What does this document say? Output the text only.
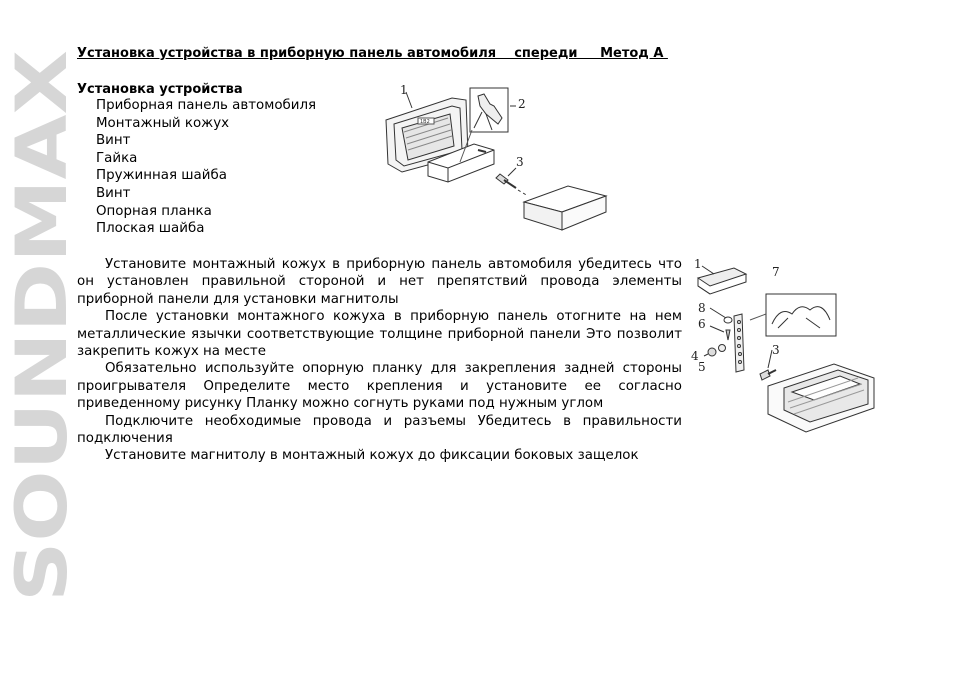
SOUNDMAX
Установка устройства в приборную панель автомобиля    спереди     Метод А
Установка устройства
Приборная панель автомобиля
Монтажный кожух
Винт
Гайка
Пружинная шайба
Винт
Опорная планка
Плоская шайба

Установите монтажный кожух в приборную панель автомобиля убедитесь что он установлен правильной стороной и нет препятствий провода элементы приборной панели для установки магнитолы

После установки монтажного кожуха в приборную панель отогните на нем металлические язычки соответствующие толщине приборной панели Это позволит закрепить кожух на месте

Обязательно используйте опорную планку для закрепления задней стороны проигрывателя Определите место крепления и установите ее согласно приведенному рисунку Планку можно согнуть руками под нужным углом

Подключите необходимые провода и разъемы Убедитесь в правильности подключения

Установите магнитолу в монтажный кожух до фиксации боковых защелок

1B2
1
2
3
1
7
8
6
4
5
3
